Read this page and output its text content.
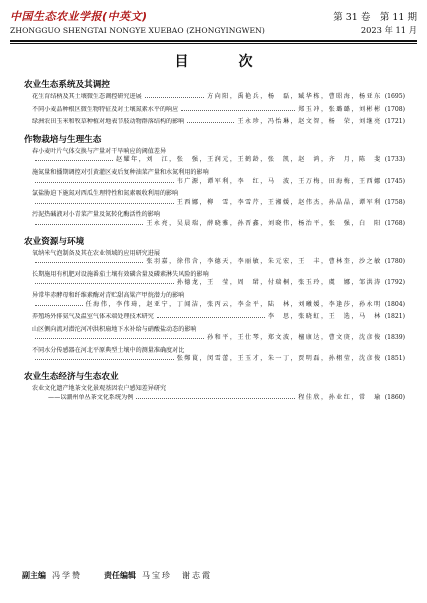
中国生态农业学报(中英文)	第 31 卷　第 11 期
ZHONGGUO SHENGTAI NONGYE XUEBAO (ZHONGYINGWEN)	2023 年 11 月
目　次
农业生态系统及其调控
花生育结柄及其土壤微生态调控研究进展	方向阳，禹艳兵，杨　磊，臧华栋，曹昭海，杨亚东 (1695)
不同小麦品种根区微生物特征及对土壤氮素水平的响应	郑玉冲，张璐璐，刘彬彬 (1708)
绿洲农田玉米和牧草种植对地表节肢动物群落结构的影响	王永珍，冯怡琳，赵文智，杨　荣，刘继亮 (1721)
作物栽培与生理生态
春小麦叶片气体交换与产量对干旱响应的阈值差异
赵耀年，刘　江，张　强，王润元，王鹤龄，张　凯，赵　鸿，齐　月，陈　斐 (1733)
施氮量和播期调控对引黄灌区麦后复种油菜产量和水氮利用的影响
韦广源，谭军利，李　红，马　波，王万梅，田海梅，王西娜 (1745)
氯盐胁迫下施氮对西瓜生理特性和氮素吸收利用的影响
王西娜，柳　雪，李雪芹，王湘媛，赵伟杰，孙晶晶，谭军利 (1758)
污泥热碱液对小青菜产量及氮转化酶活性的影响
王永亮，吴晨瑞，薛晓雅，孙晋鑫，刘晓伟，杨治平，张　强，白　阳 (1768)
农业资源与环境
氧纳米气泡制备及其在农业领域的应用研究进展
张羽嘉，徐伟含，李德天，李丽敏，朱元宏，王　丰，曹林奎，沙之敏 (1780)
长期施用有机肥对设施番茄土壤有效磷含量及磷素淋失风险的影响
孙德龙，王　莹，周　珺，付瑞桐，张玉玲，虞　娜，邹洪涛 (1792)
异常毕赤酵母和纤维素酶对青贮甜高粱产甲烷潜力的影响
任海伟，李伟琦，赵亚宁，丁闻洁，张丙云，李金平，陆　林，刘曦媛，李逢莎，孙永明 (1804)
养殖场外排氨气及温室气体末端处理技术研究	李　思，张晓虹，王　选，马　林 (1821)
山区侧向流对潜沱河冲洪积扇地下水补给与硝酸盐动态的影响
孙和平，王仕琴，郑文波，檀康达，曹文庚，沈彦俊 (1839)
不同水分传感器在河北平原典型土壤中的测量准确度对比
张鄭茛，闵雪蕾，王玉才，朱一丁，贾明磊，孙栩莹，沈彦俊 (1851)
农业生态经济与生态农业
农业文化遗产地茶文化景观基因农户感知差异研究
——以潮州单丛茶文化系统为例	程佳欣，孙业红，常　瑜 (1860)
副主编 冯学赞	责任编辑 马宝珍　谢志霞
